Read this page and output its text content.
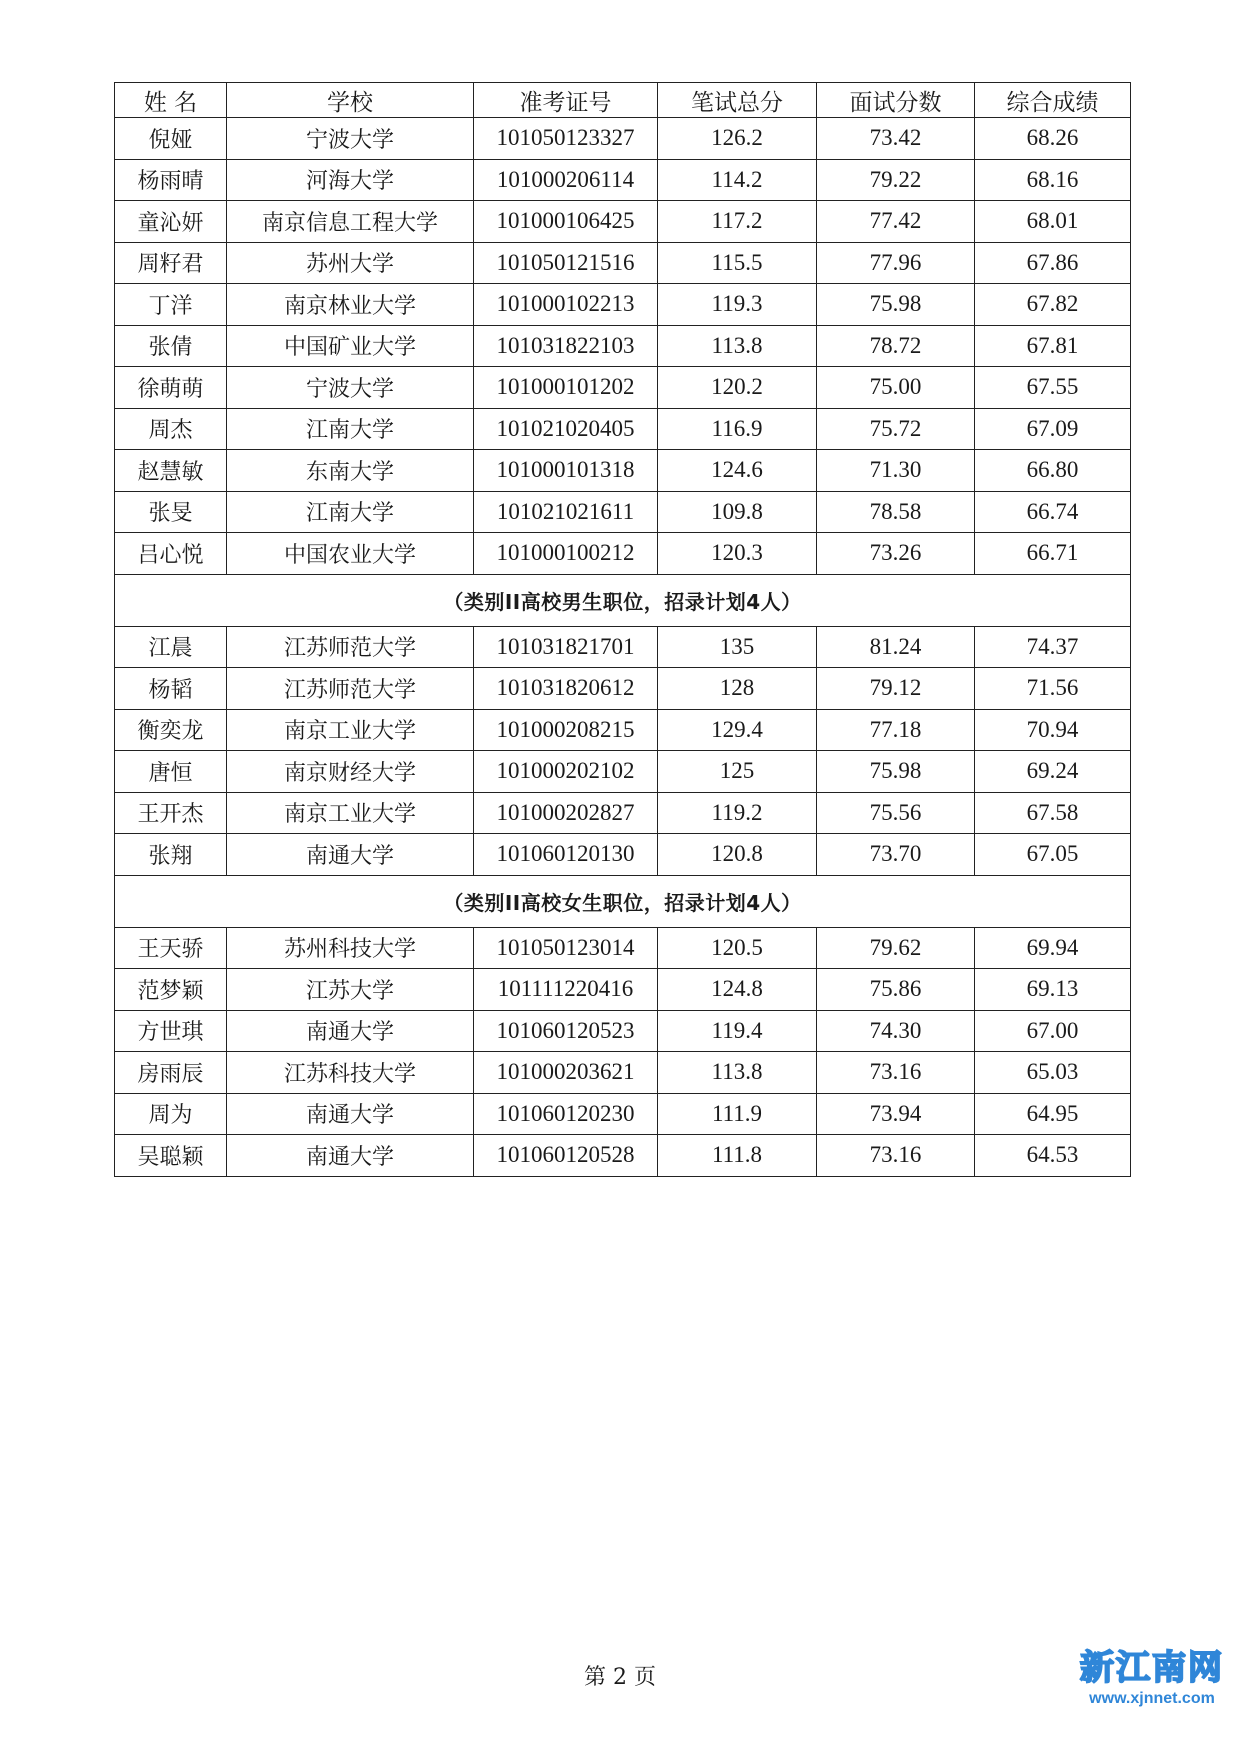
姓 名	学校	准考证号	笔试总分	面试分数	综合成绩
倪娅	宁波大学	101050123327	126.2	73.42	68.26
杨雨晴	河海大学	101000206114	114.2	79.22	68.16
童沁妍	南京信息工程大学	101000106425	117.2	77.42	68.01
周籽君	苏州大学	101050121516	115.5	77.96	67.86
丁洋	南京林业大学	101000102213	119.3	75.98	67.82
张倩	中国矿业大学	101031822103	113.8	78.72	67.81
徐萌萌	宁波大学	101000101202	120.2	75.00	67.55
周杰	江南大学	101021020405	116.9	75.72	67.09
赵慧敏	东南大学	101000101318	124.6	71.30	66.80
张旻	江南大学	101021021611	109.8	78.58	66.74
吕心悦	中国农业大学	101000100212	120.3	73.26	66.71
（类别II高校男生职位，招录计划4人）					
江晨	江苏师范大学	101031821701	135	81.24	74.37
杨韬	江苏师范大学	101031820612	128	79.12	71.56
衡奕龙	南京工业大学	101000208215	129.4	77.18	70.94
唐恒	南京财经大学	101000202102	125	75.98	69.24
王开杰	南京工业大学	101000202827	119.2	75.56	67.58
张翔	南通大学	101060120130	120.8	73.70	67.05
（类别II高校女生职位，招录计划4人）					
王天骄	苏州科技大学	101050123014	120.5	79.62	69.94
范梦颖	江苏大学	101111220416	124.8	75.86	69.13
方世琪	南通大学	101060120523	119.4	74.30	67.00
房雨辰	江苏科技大学	101000203621	113.8	73.16	65.03
周为	南通大学	101060120230	111.9	73.94	64.95
吴聪颖	南通大学	101060120528	111.8	73.16	64.53
第 2 页	新江南网
www.xjnnet.com
